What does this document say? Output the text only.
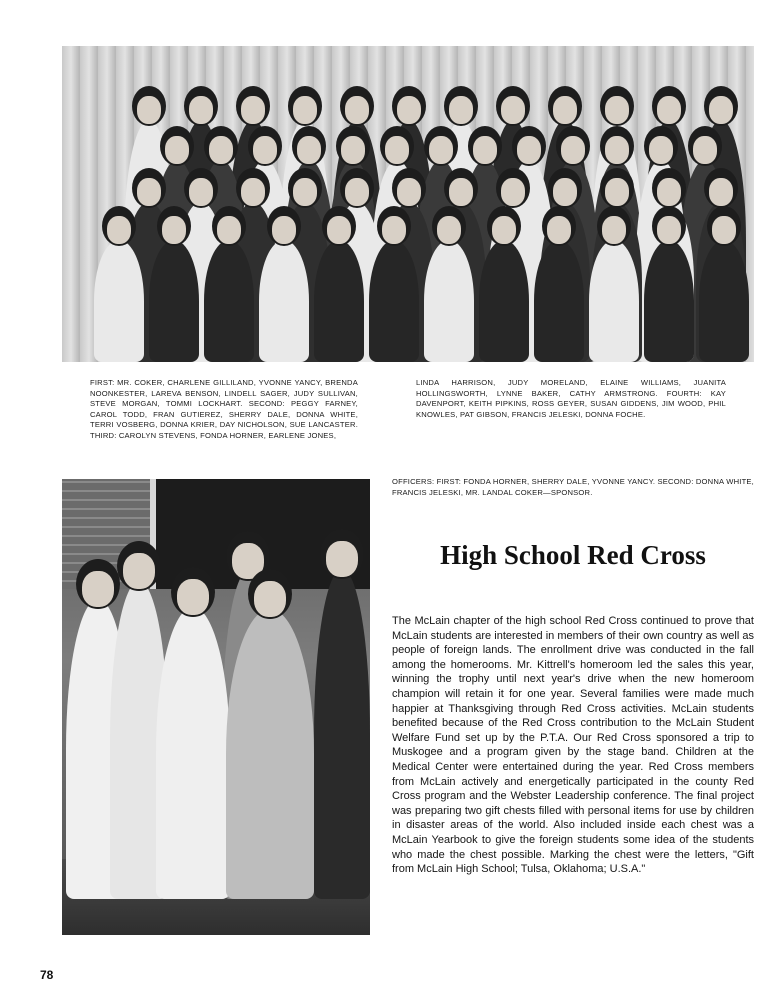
FIRST: MR. COKER, CHARLENE GILLILAND, YVONNE YANCY, BRENDA NOONKESTER, LAREVA BENSON, LINDELL SAGER, JUDY SULLIVAN, STEVE MORGAN, TOMMI LOCKHART. SECOND: PEGGY FARNEY, CAROL TODD, FRAN GUTIEREZ, SHERRY DALE, DONNA WHITE, TERRI VOSBERG, DONNA KRIER, DAY NICHOLSON, SUE LANCASTER. THIRD: CAROLYN STEVENS, FONDA HORNER, EARLENE JONES,
LINDA HARRISON, JUDY MORELAND, ELAINE WILLIAMS, JUANITA HOLLINGSWORTH, LYNNE BAKER, CATHY ARMSTRONG. FOURTH: KAY DAVENPORT, KEITH PIPKINS, ROSS GEYER, SUSAN GIDDENS, JIM WOOD, PHIL KNOWLES, PAT GIBSON, FRANCIS JELESKI, DONNA FOCHE.
OFFICERS: FIRST: FONDA HORNER, SHERRY DALE, YVONNE YANCY. SECOND: DONNA WHITE, FRANCIS JELESKI, MR. LANDAL COKER—SPONSOR.
High School Red Cross
The McLain chapter of the high school Red Cross continued to prove that McLain students are interested in members of their own country as well as people of foreign lands. The enrollment drive was conducted in the fall among the homerooms. Mr. Kittrell's homeroom led the sales this year, winning the trophy until next year's drive when the new homeroom champion will retain it for one year. Several families were made much happier at Thanksgiving through Red Cross activities. McLain students benefited because of the Red Cross contribution to the McLain Student Welfare Fund set up by the P.T.A. Our Red Cross sponsored a trip to Muskogee and a program given by the stage band. Children at the Medical Center were entertained during the year. Red Cross members from McLain actively and energetically participated in the county Red Cross program and the Webster Leadership conference. The final project was preparing two gift chests filled with personal items for use by children in disaster areas of the world. Also included inside each chest was a McLain Yearbook to give the foreign students some idea of the students who made the chest possible. Marking the chest were the letters, "Gift from McLain High School; Tulsa, Oklahoma; U.S.A."
78
